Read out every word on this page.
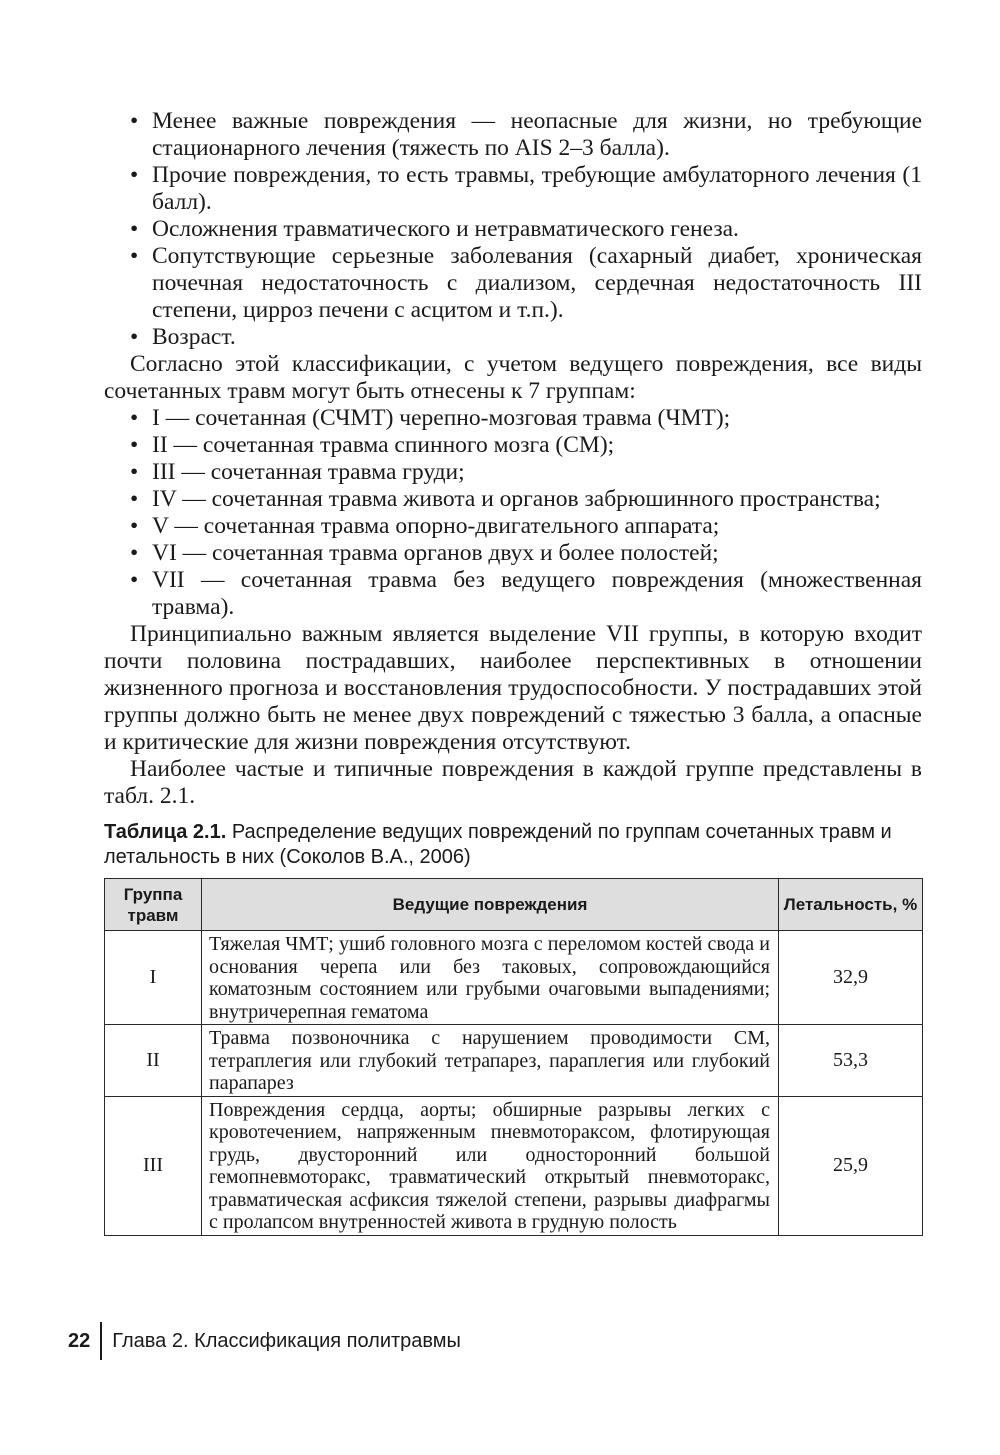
• Менее важные повреждения — неопасные для жизни, но требующие стационарного лечения (тяжесть по AIS 2–3 балла).
• Прочие повреждения, то есть травмы, требующие амбулаторного лечения (1 балл).
• Осложнения травматического и нетравматического генеза.
• Сопутствующие серьезные заболевания (сахарный диабет, хроническая почечная недостаточность с диализом, сердечная недостаточность III степени, цирроз печени с асцитом и т.п.).
• Возраст.

Согласно этой классификации, с учетом ведущего повреждения, все виды сочетанных травм могут быть отнесены к 7 группам:

• I — сочетанная (СЧМТ) черепно-мозговая травма (ЧМТ);
• II — сочетанная травма спинного мозга (СМ);
• III — сочетанная травма груди;
• IV — сочетанная травма живота и органов забрюшинного пространства;
• V — сочетанная травма опорно-двигательного аппарата;
• VI — сочетанная травма органов двух и более полостей;
• VII — сочетанная травма без ведущего повреждения (множественная травма).

Принципиально важным является выделение VII группы, в которую входит почти половина пострадавших, наиболее перспективных в отношении жизненного прогноза и восстановления трудоспособности. У пострадавших этой группы должно быть не менее двух повреждений с тяжестью 3 балла, а опасные и критические для жизни повреждения отсутствуют.

Наиболее частые и типичные повреждения в каждой группе представлены в табл. 2.1.

Таблица 2.1. Распределение ведущих повреждений по группам сочетанных травм и летальность в них (Соколов В.А., 2006)
Группа травм	Ведущие повреждения	Летальность, %
I	Тяжелая ЧМТ; ушиб головного мозга с переломом костей свода и основания черепа или без таковых, сопровождающийся коматозным состоянием или грубыми очаговыми выпадениями; внутричерепная гематома	32,9
II	Травма позвоночника с нарушением проводимости СМ, тетраплегия или глубокий тетрапарез, параплегия или глубокий парапарез	53,3
III	Повреждения сердца, аорты; обширные разрывы легких с кровотечением, напряженным пневмотораксом, флотирующая грудь, двусторонний или односторонний большой гемопневмоторакс, травматический открытый пневмоторакс, травматическая асфиксия тяжелой степени, разрывы диафрагмы с пролапсом внутренностей живота в грудную полость	25,9
22	Глава 2. Классификация политравмы
